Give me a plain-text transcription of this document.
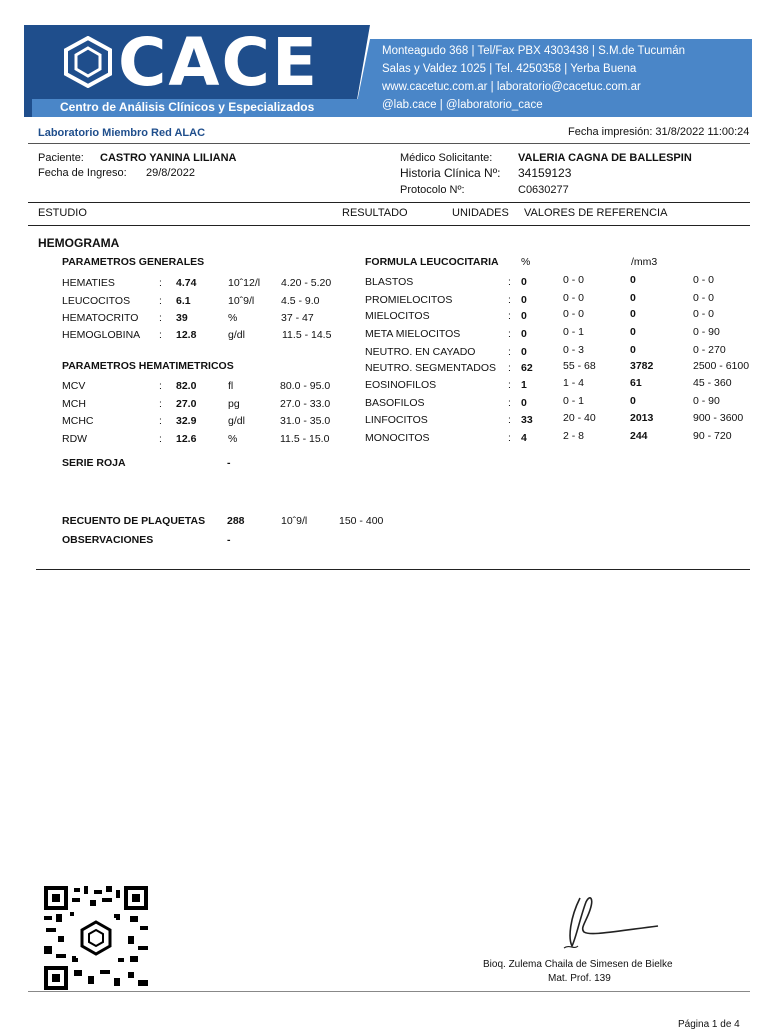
CACE
Centro de Análisis Clínicos y Especializados
Monteagudo 368 | Tel/Fax PBX 4303438 | S.M.de Tucumán
Salas y Valdez 1025 | Tel. 4250358 | Yerba Buena
www.cacetuc.com.ar | laboratorio@cacetuc.com.ar
@lab.cace | @laboratorio_cace
Laboratorio Miembro Red ALAC	Fecha impresión: 31/8/2022 11:00:24
Paciente: CASTRO YANINA LILIANA
Fecha de Ingreso: 29/8/2022
Médico Solicitante: VALERIA CAGNA DE BALLESPIN
Historia Clínica Nº: 34159123
Protocolo Nº:	C0630277
ESTUDIO	RESULTADO	UNIDADES VALORES DE REFERENCIA
HEMOGRAMA
PARAMETROS GENERALES
HEMATIES	: 4.74	10ˆ12/l 4.20 - 5.20
LEUCOCITOS	: 6.1	10ˆ9/l	4.5 - 9.0
HEMATOCRITO : 39	%	37 - 47
HEMOGLOBINA : 12.8	g/dl	11.5 - 14.5
PARAMETROS HEMATIMETRICOS
MCV	: 82.0	fl	80.0 - 95.0
MCH	: 27.0	pg	27.0 - 33.0
MCHC	: 32.9	g/dl	31.0 - 35.0
RDW	: 12.6	%	11.5 - 15.0
FORMULA LEUCOCITARIA %	/mm3
BLASTOS	: 0	0 - 0	0	0 - 0
PROMIELOCITOS	: 0	0 - 0	0	0 - 0
MIELOCITOS	: 0	0 - 0	0	0 - 0
META MIELOCITOS	: 0	0 - 1	0	0 - 90
NEUTRO. EN CAYADO	: 0	0 - 3	0	0 - 270
NEUTRO. SEGMENTADOS : 62	55 - 68	3782	2500 - 6100
EOSINOFILOS	: 1	1 - 4	61	45 - 360
BASOFILOS	: 0	0 - 1	0	0 - 90
LINFOCITOS	: 33	20 - 40	2013	900 - 3600
MONOCITOS	: 4	2 - 8	244	90 - 720
SERIE ROJA	-
RECUENTO DE PLAQUETAS 288	10ˆ9/l	150 - 400
OBSERVACIONES	-
Bioq. Zulema Chaila de Simesen de Bielke
Mat. Prof. 139
Página 1 de 4
